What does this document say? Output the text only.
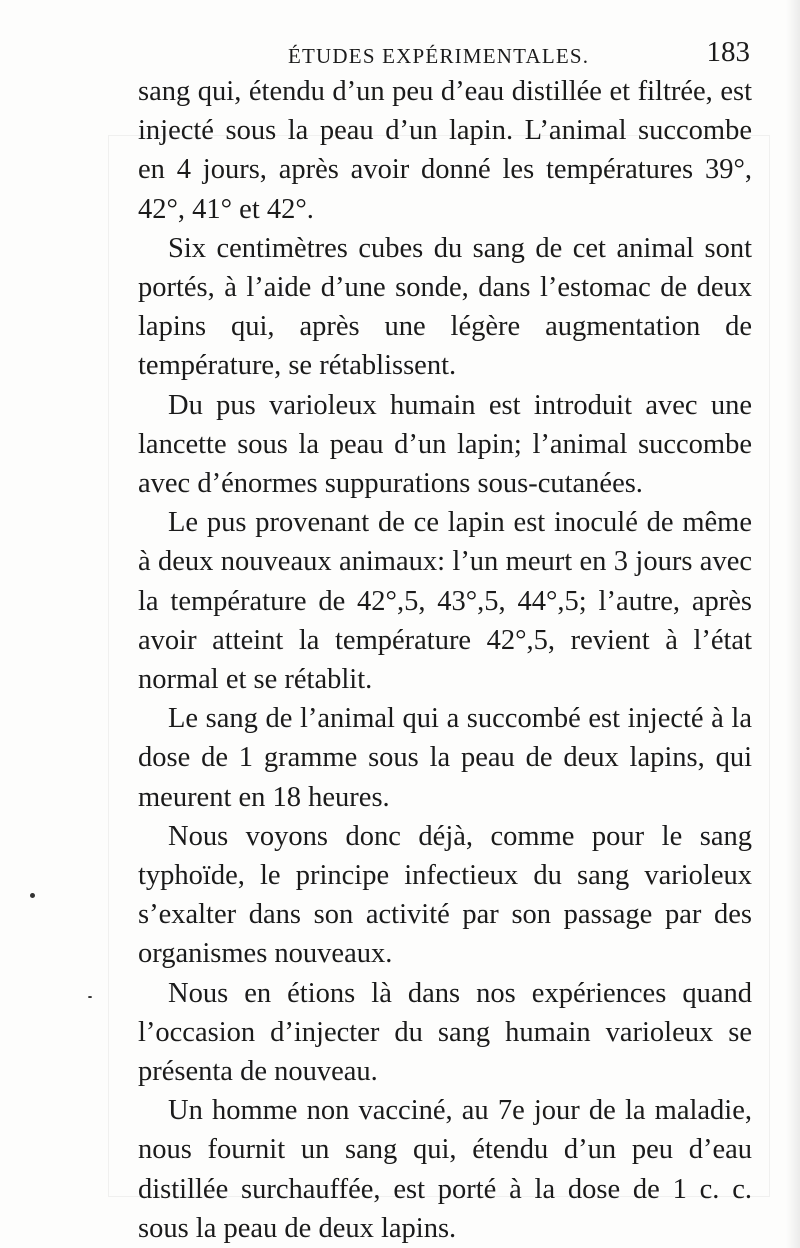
ÉTUDES EXPÉRIMENTALES.	183

sang qui, étendu d’un peu d’eau distillée et filtrée, est injecté sous la peau d’un lapin. L’animal succombe en 4 jours, après avoir donné les températures 39°, 42°, 41° et 42°.

Six centimètres cubes du sang de cet animal sont portés, à l’aide d’une sonde, dans l’estomac de deux lapins qui, après une légère augmentation de température, se rétablissent.

Du pus varioleux humain est introduit avec une lancette sous la peau d’un lapin; l’animal succombe avec d’énormes suppurations sous-cutanées.

Le pus provenant de ce lapin est inoculé de même à deux nouveaux animaux: l’un meurt en 3 jours avec la température de 42°,5, 43°,5, 44°,5; l’autre, après avoir atteint la température 42°,5, revient à l’état normal et se rétablit.

Le sang de l’animal qui a succombé est injecté à la dose de 1 gramme sous la peau de deux lapins, qui meurent en 18 heures.

Nous voyons donc déjà, comme pour le sang typhoïde, le principe infectieux du sang varioleux s’exalter dans son activité par son passage par des organismes nouveaux.

Nous en étions là dans nos expériences quand l’occasion d’injecter du sang humain varioleux se présenta de nouveau.

Un homme non vacciné, au 7e jour de la maladie, nous fournit un sang qui, étendu d’un peu d’eau distillée surchauffée, est porté à la dose de 1 c. c. sous la peau de deux lapins.
